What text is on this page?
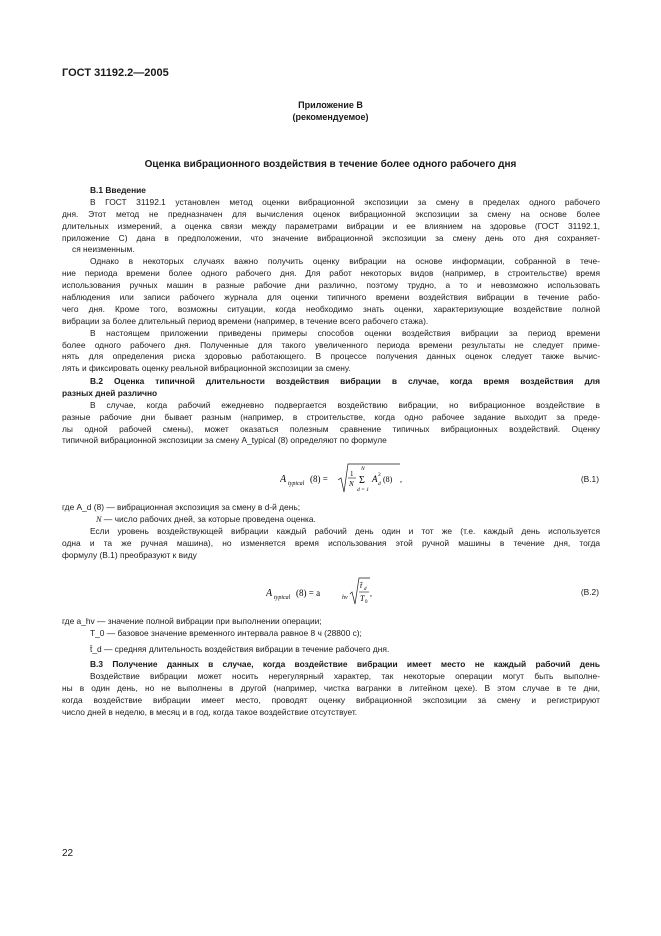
ГОСТ 31192.2—2005
Приложение В
(рекомендуемое)
Оценка вибрационного воздействия в течение более одного рабочего дня
В.1 Введение
В ГОСТ 31192.1 установлен метод оценки вибрационной экспозиции за смену в пределах одного рабочего
дня. Этот метод не предназначен для вычисления оценок вибрационной экспозиции за смену на основе более
длительных измерений, а оценка связи между параметрами вибрации и ее влиянием на здоровье (ГОСТ 31192.1,
приложение С) дана в предположении, что значение вибрационной экспозиции за смену день ото дня сохраняет-
ся неизменным.
Однако в некоторых случаях важно получить оценку вибрации на основе информации, собранной в тече-
ние периода времени более одного рабочего дня. Для работ некоторых видов (например, в строительстве) время
использования ручных машин в разные рабочие дни различно, поэтому трудно, а то и невозможно использовать
наблюдения или записи рабочего журнала для оценки типичного времени воздействия вибрации в течение рабо-
чего дня. Кроме того, возможны ситуации, когда необходимо знать оценки, характеризующие воздействие полной
вибрации за более длительный период времени (например, в течение всего рабочего стажа).
В настоящем приложении приведены примеры способов оценки воздействия вибрации за период времени
более одного рабочего дня. Полученные для такого увеличенного периода времени результаты не следует приме-
нять для определения риска здоровью работающего. В процессе получения данных оценок следует также вычис-
лять и фиксировать оценку реальной вибрационной экспозиции за смену.
В.2 Оценка типичной длительности воздействия вибрации в случае, когда время воздействия для
разных дней различно
В случае, когда рабочий ежедневно подвергается воздействию вибрации, но вибрационное воздействие в
разные рабочие дни бывает разным (например, в строительстве, когда одно рабочее задание выходит за преде-
лы одной рабочей смены), может оказаться полезным сравнение типичных вибрационных воздействий. Оценку
типичной вибрационной экспозиции за смену A_typical (8) определяют по формуле
A typical (8) =	1
N
N
Σ
d = 1
A 2
d (8) ,	(В.1)
где A_d (8) — вибрационная экспозиция за смену в d-й день;
N — число рабочих дней, за которые проведена оценка.
Если уровень воздействующей вибрации каждый рабочий день один и тот же (т.е. каждый день используется
одна и та же ручная машина), но изменяется время использования этой ручной машины в течение дня, тогда
формулу (В.1) преобразуют к виду
A typical (8) = a	hv
t̄ d
T 0
,	(В.2)
где a_hv — значение полной вибрации при выполнении операции;
T_0 — базовое значение временного интервала равное 8 ч (28800 с);
t̄_d — средняя длительность воздействия вибрации в течение рабочего дня.
В.3 Получение данных в случае, когда воздействие вибрации имеет место не каждый рабочий день
Воздействие вибрации может носить нерегулярный характер, так некоторые операции могут быть выполне-
ны в один день, но не выполнены в другой (например, чистка вагранки в литейном цехе). В этом случае в те дни,
когда воздействие вибрации имеет место, проводят оценку вибрационной экспозиции за смену и регистрируют
число дней в неделю, в месяц и в год, когда такое воздействие отсутствует.
22
